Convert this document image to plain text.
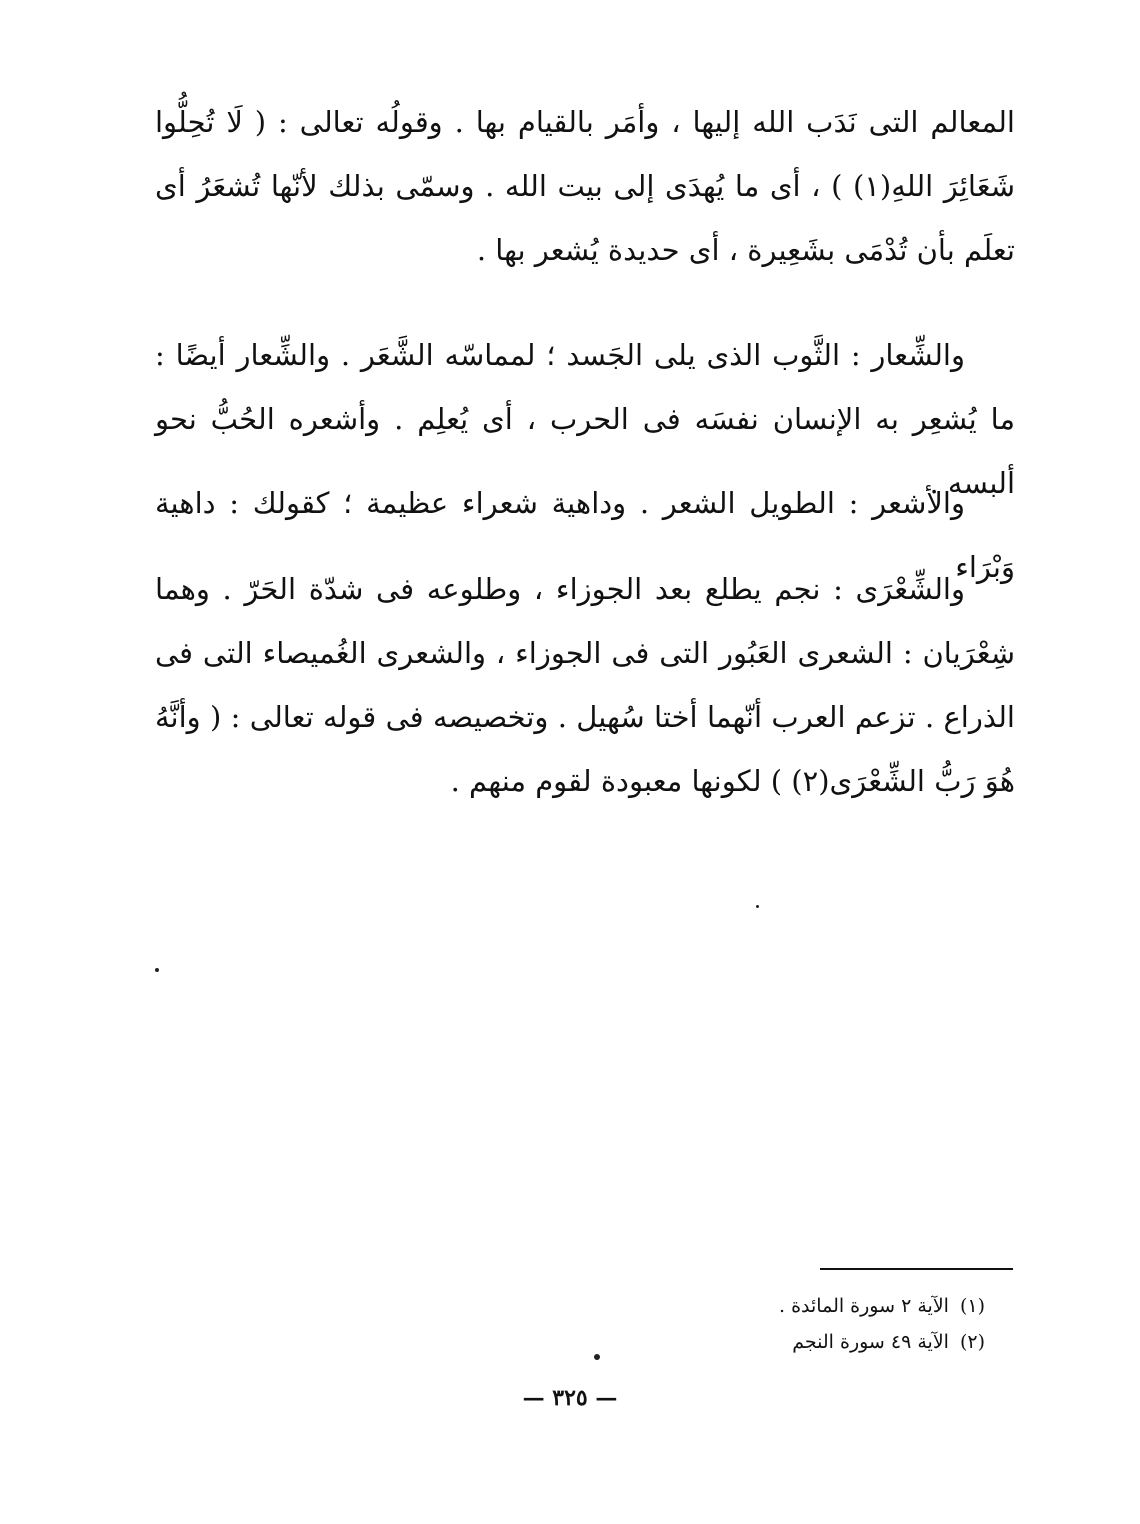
المعالم التى نَدَب الله إليها ، وأمَر بالقيام بها . وقولُه تعالى : ( لَا تُحِلُّوا شَعَائِرَ اللهِ(١) ) ، أى ما يُهدَى إلى بيت الله . وسمّى بذلك لأنّها تُشعَرُ أى تعلَم بأن تُدْمَى بشَعِيرة ، أى حديدة يُشعر بها .

والشِّعار : الثَّوب الذى يلى الجَسد ؛ لمماسّه الشَّعَر . والشِّعار أيضًا : ما يُشعِر به الإنسان نفسَه فى الحرب ، أى يُعلِم . وأشعره الحُبُّ نحو ألبسه .

والأشعر : الطويل الشعر . وداهية شعراء عظيمة ؛ كقولك : داهية وَبْرَاء

والشِّعْرَى : نجم يطلع بعد الجوزاء ، وطلوعه فى شدّة الحَرّ . وهما شِعْرَيان : الشعرى العَبُور التى فى الجوزاء ، والشعرى الغُميصاء التى فى الذراع . تزعم العرب أنّهما أختا سُهيل . وتخصيصه فى قوله تعالى : ( وأنَّهُ هُوَ رَبُّ الشِّعْرَى(٢) ) لكونها معبودة لقوم منهم .

(١) الآية ٢ سورة المائدة .

(٢) الآية ٤٩ سورة النجم

— ٣٢٥ —
